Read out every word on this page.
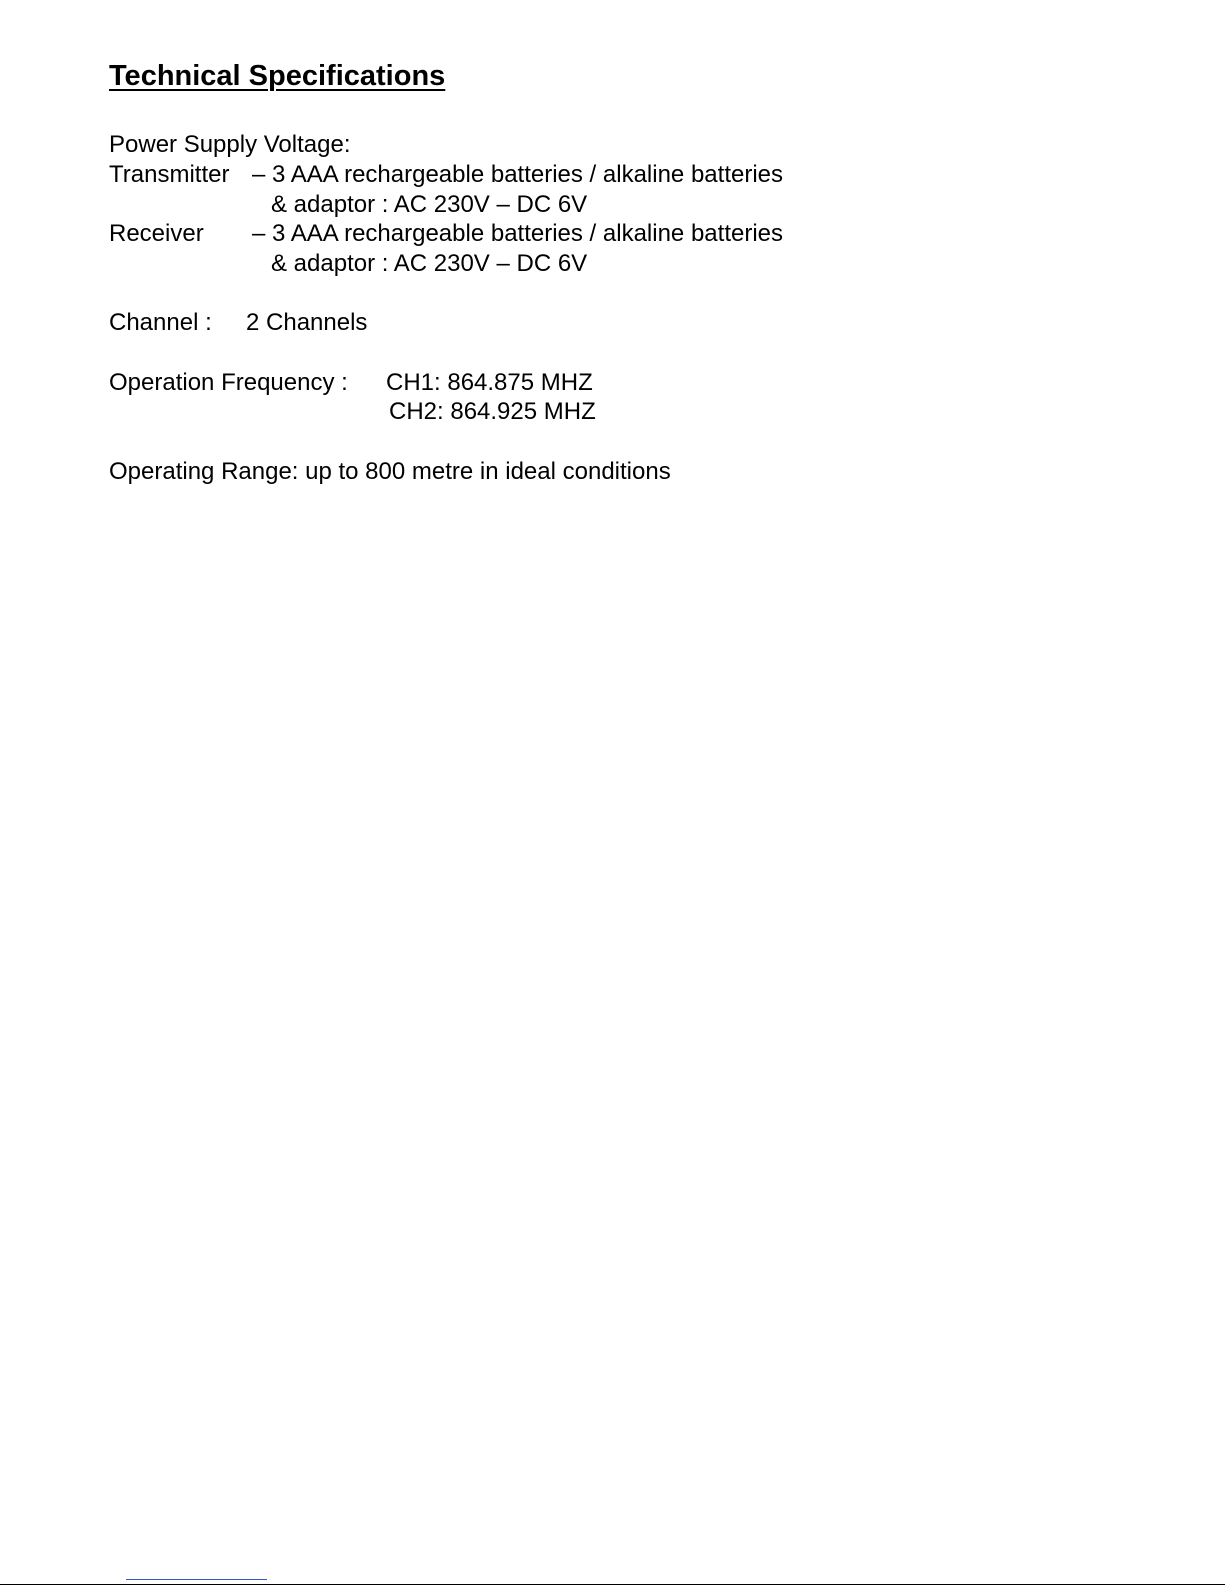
Technical Specifications

Power Supply Voltage:

Transmitter – 3 AAA rechargeable batteries / alkaline batteries

& adaptor : AC 230V – DC 6V

Receiver – 3 AAA rechargeable batteries / alkaline batteries

& adaptor : AC 230V – DC 6V

Channel : 2 Channels

Operation Frequency : CH1: 864.875 MHZ

CH2: 864.925 MHZ

Operating Range: up to 800 metre in ideal conditions
